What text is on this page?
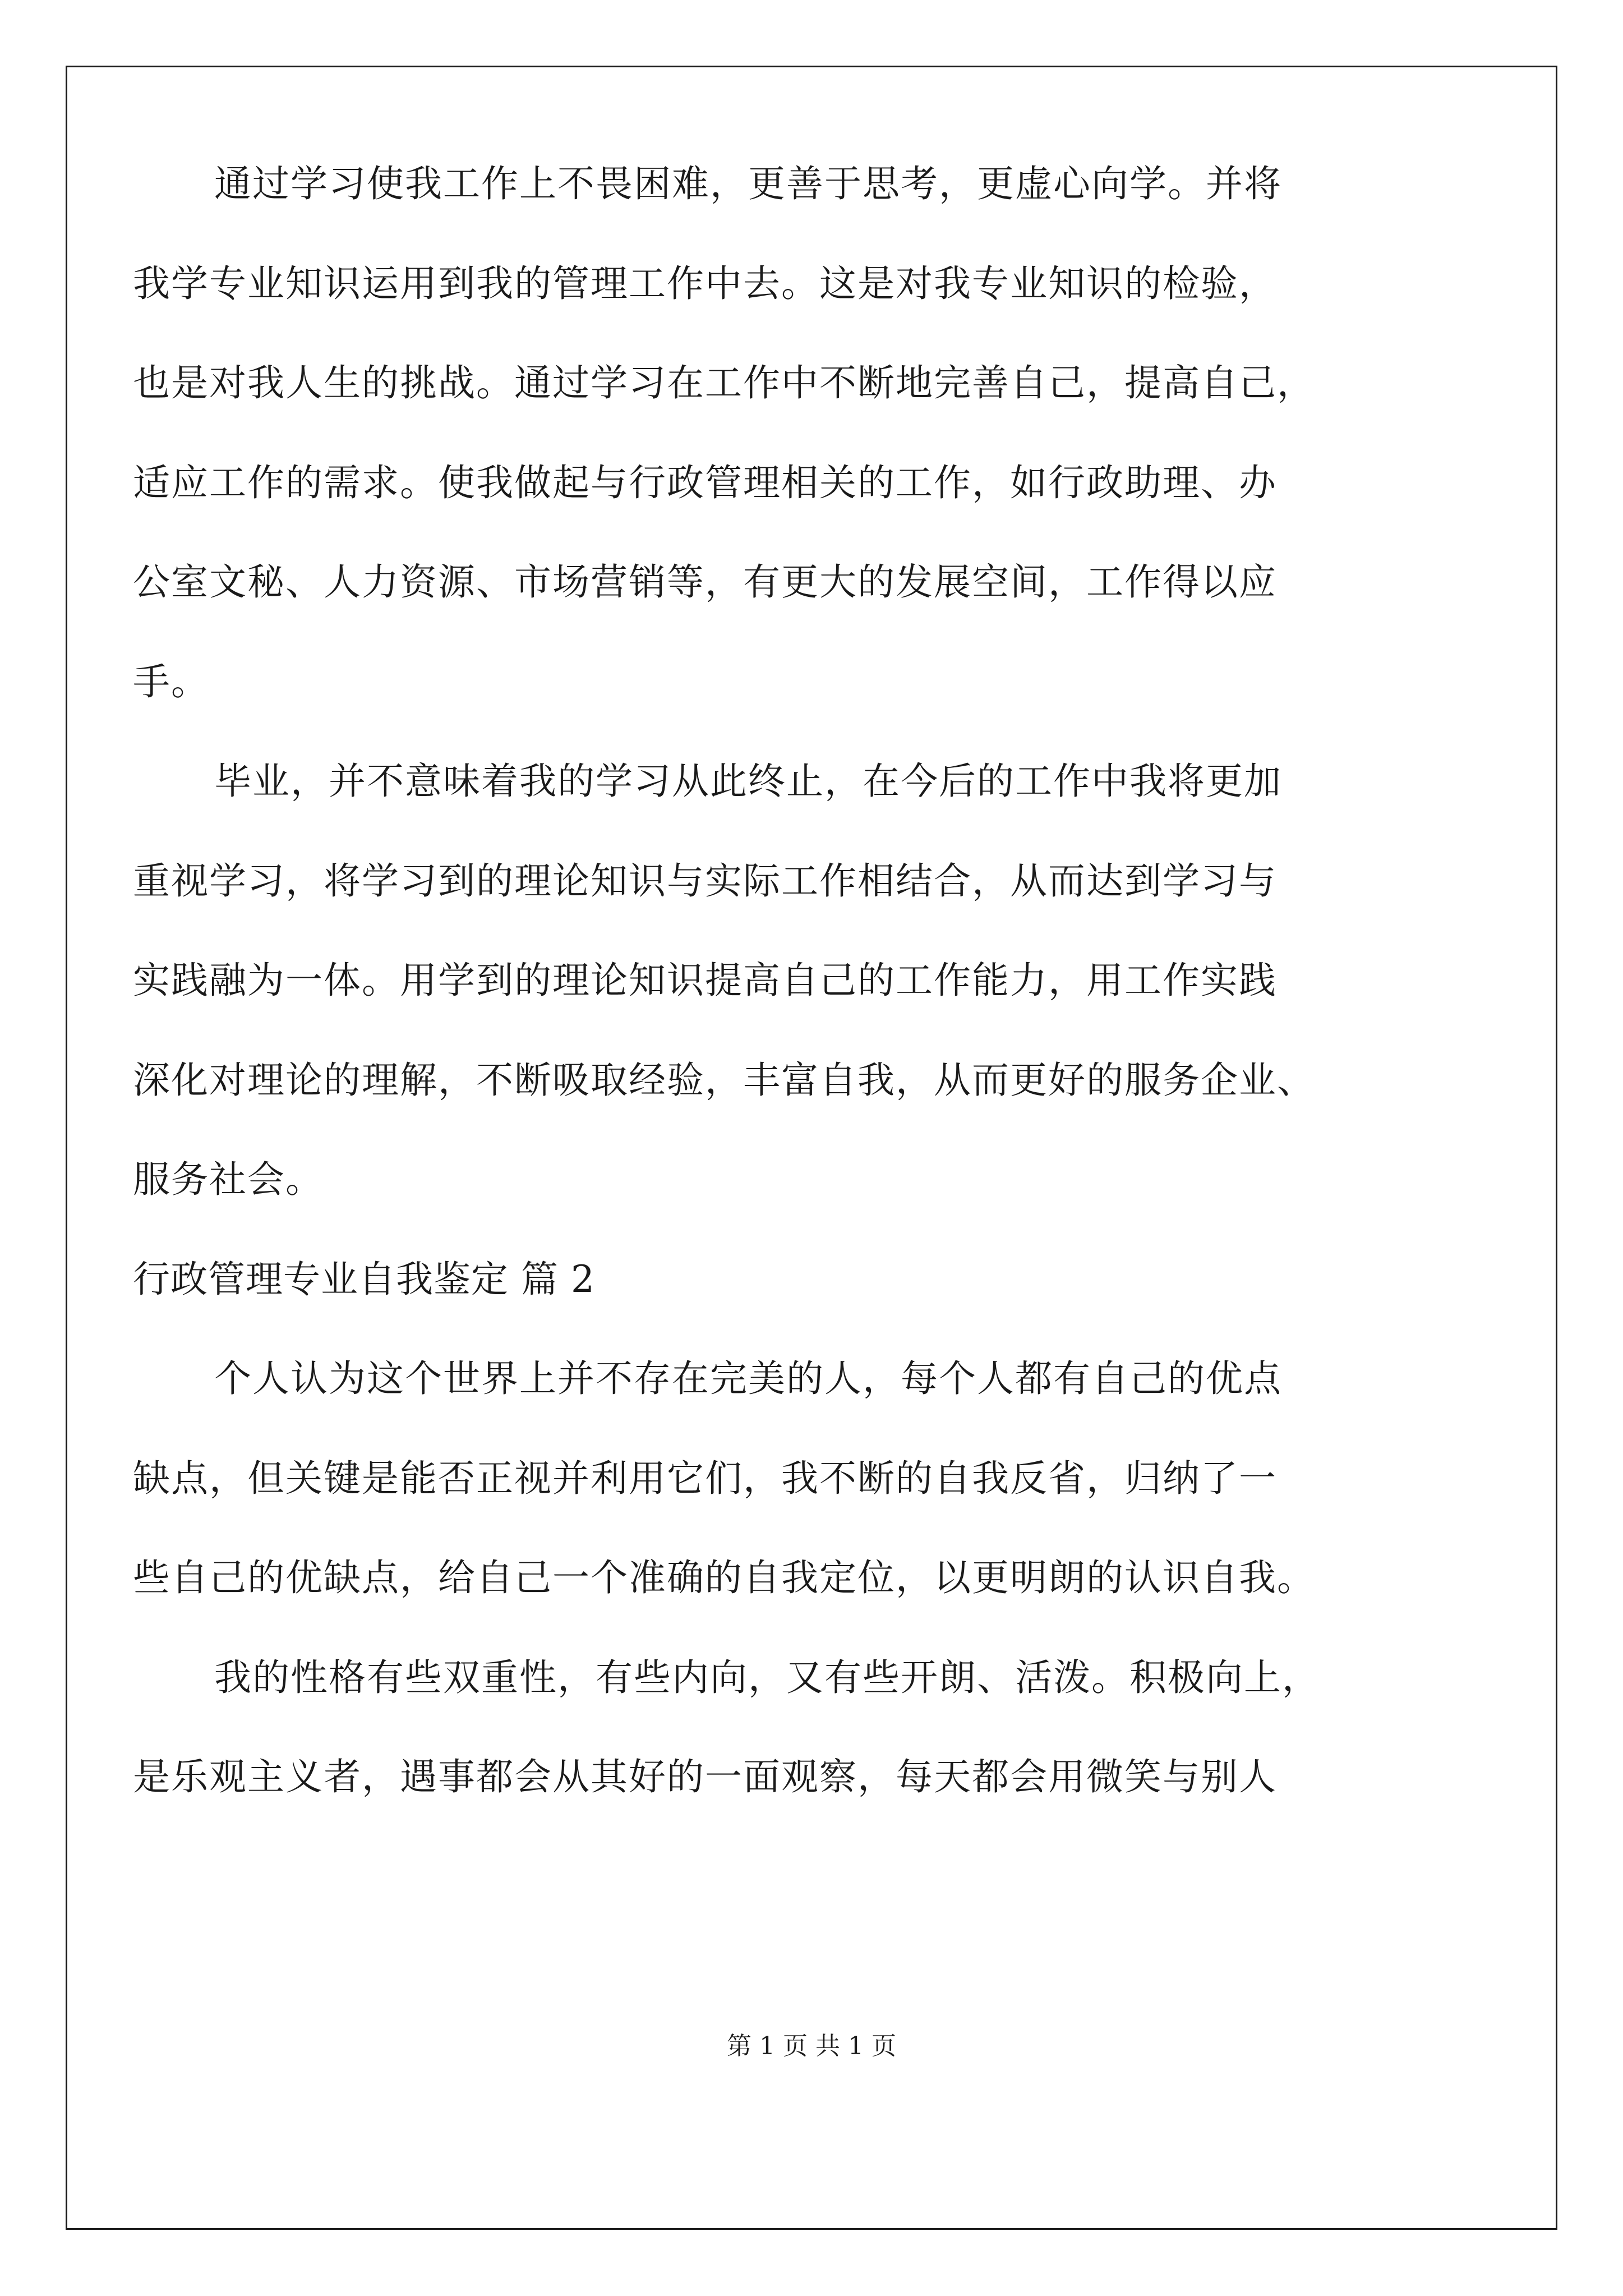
通过学习使我工作上不畏困难，更善于思考，更虚心向学。并将
我学专业知识运用到我的管理工作中去。这是对我专业知识的检验，
也是对我人生的挑战。通过学习在工作中不断地完善自己，提高自己，
适应工作的需求。使我做起与行政管理相关的工作，如行政助理、办
公室文秘、人力资源、市场营销等，有更大的发展空间，工作得以应
手。
毕业，并不意味着我的学习从此终止，在今后的工作中我将更加
重视学习，将学习到的理论知识与实际工作相结合，从而达到学习与
实践融为一体。用学到的理论知识提高自己的工作能力，用工作实践
深化对理论的理解，不断吸取经验，丰富自我，从而更好的服务企业、
服务社会。
行政管理专业自我鉴定 篇 2
个人认为这个世界上并不存在完美的人，每个人都有自己的优点
缺点，但关键是能否正视并利用它们，我不断的自我反省，归纳了一
些自己的优缺点，给自己一个准确的自我定位，以更明朗的认识自我。
我的性格有些双重性，有些内向，又有些开朗、活泼。积极向上，
是乐观主义者，遇事都会从其好的一面观察，每天都会用微笑与别人
第 1 页 共 1 页
